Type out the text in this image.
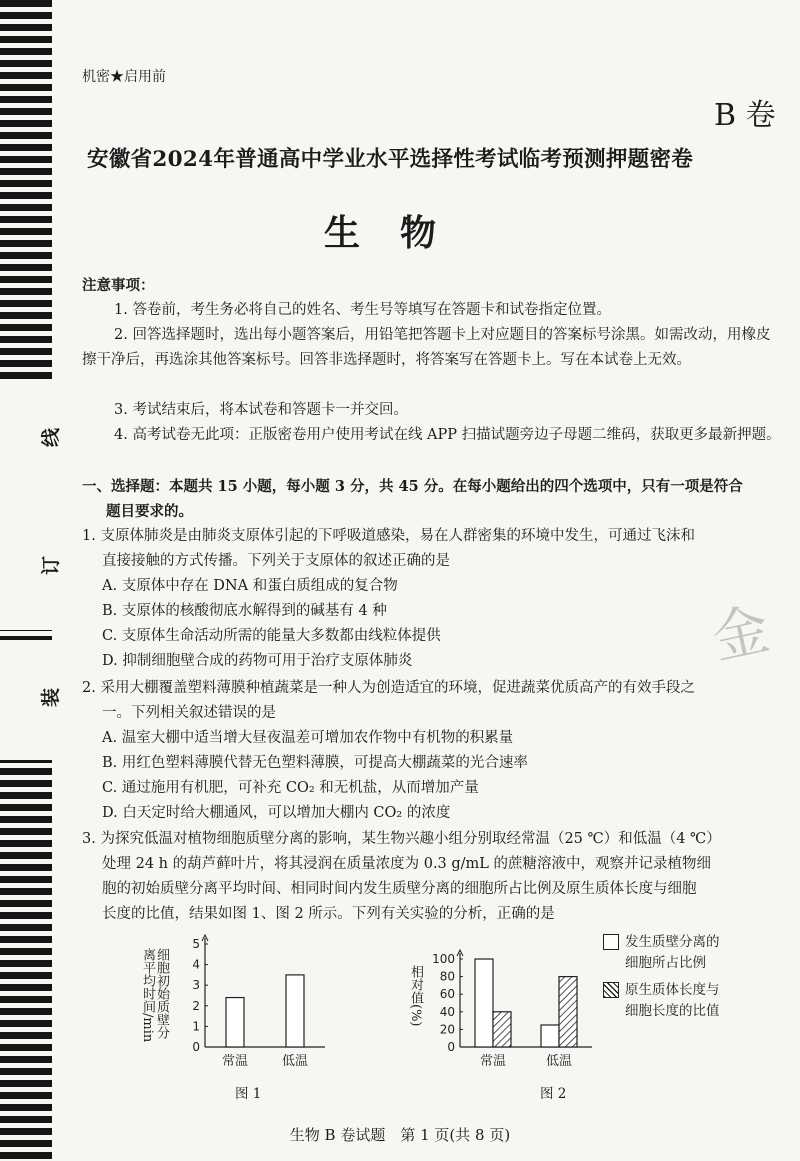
线
订
装
机密★启用前
B 卷
安徽省2024年普通高中学业水平选择性考试临考预测押题密卷
生物
注意事项：
1. 答卷前，考生务必将自己的姓名、考生号等填写在答题卡和试卷指定位置。
2. 回答选择题时，选出每小题答案后，用铅笔把答题卡上对应题目的答案标号涂黑。如需改动，用橡皮擦干净后，再选涂其他答案标号。回答非选择题时，将答案写在答题卡上。写在本试卷上无效。
3. 考试结束后，将本试卷和答题卡一并交回。
4. 高考试卷无此项：正版密卷用户使用考试在线 APP 扫描试题旁边子母题二维码，获取更多最新押题。
一、选择题：本题共 15 小题，每小题 3 分，共 45 分。在每小题给出的四个选项中，只有一项是符合
题目要求的。
1. 支原体肺炎是由肺炎支原体引起的下呼吸道感染，易在人群密集的环境中发生，可通过飞沫和
直接接触的方式传播。下列关于支原体的叙述正确的是
A. 支原体中存在 DNA 和蛋白质组成的复合物
B. 支原体的核酸彻底水解得到的碱基有 4 种
C. 支原体生命活动所需的能量大多数都由线粒体提供
D. 抑制细胞壁合成的药物可用于治疗支原体肺炎
2. 采用大棚覆盖塑料薄膜种植蔬菜是一种人为创造适宜的环境，促进蔬菜优质高产的有效手段之
一。下列相关叙述错误的是
A. 温室大棚中适当增大昼夜温差可增加农作物中有机物的积累量
B. 用红色塑料薄膜代替无色塑料薄膜，可提高大棚蔬菜的光合速率
C. 通过施用有机肥，可补充 CO₂ 和无机盐，从而增加产量
D. 白天定时给大棚通风，可以增加大棚内 CO₂ 的浓度
3. 为探究低温对植物细胞质壁分离的影响，某生物兴趣小组分别取经常温（25 ℃）和低温（4 ℃）
处理 24 h 的葫芦藓叶片，将其浸润在质量浓度为 0.3 g/mL 的蔗糖溶液中，观察并记录植物细
胞的初始质壁分离平均时间、相同时间内发生质壁分离的细胞所占比例及原生质体长度与细胞
长度的比值，结果如图 1、图 2 所示。下列有关实验的分析，正确的是
细胞初始质壁分
离平均时间/min
0
1
2
3
4
5
常温	低温
图 1
相对值(%)
0
20
40
60
80
100
常温	低温
图 2
发生质壁分离的
细胞所占比例
原生质体长度与
细胞长度的比值
金
生物 B 卷试题　第 1 页(共 8 页)
